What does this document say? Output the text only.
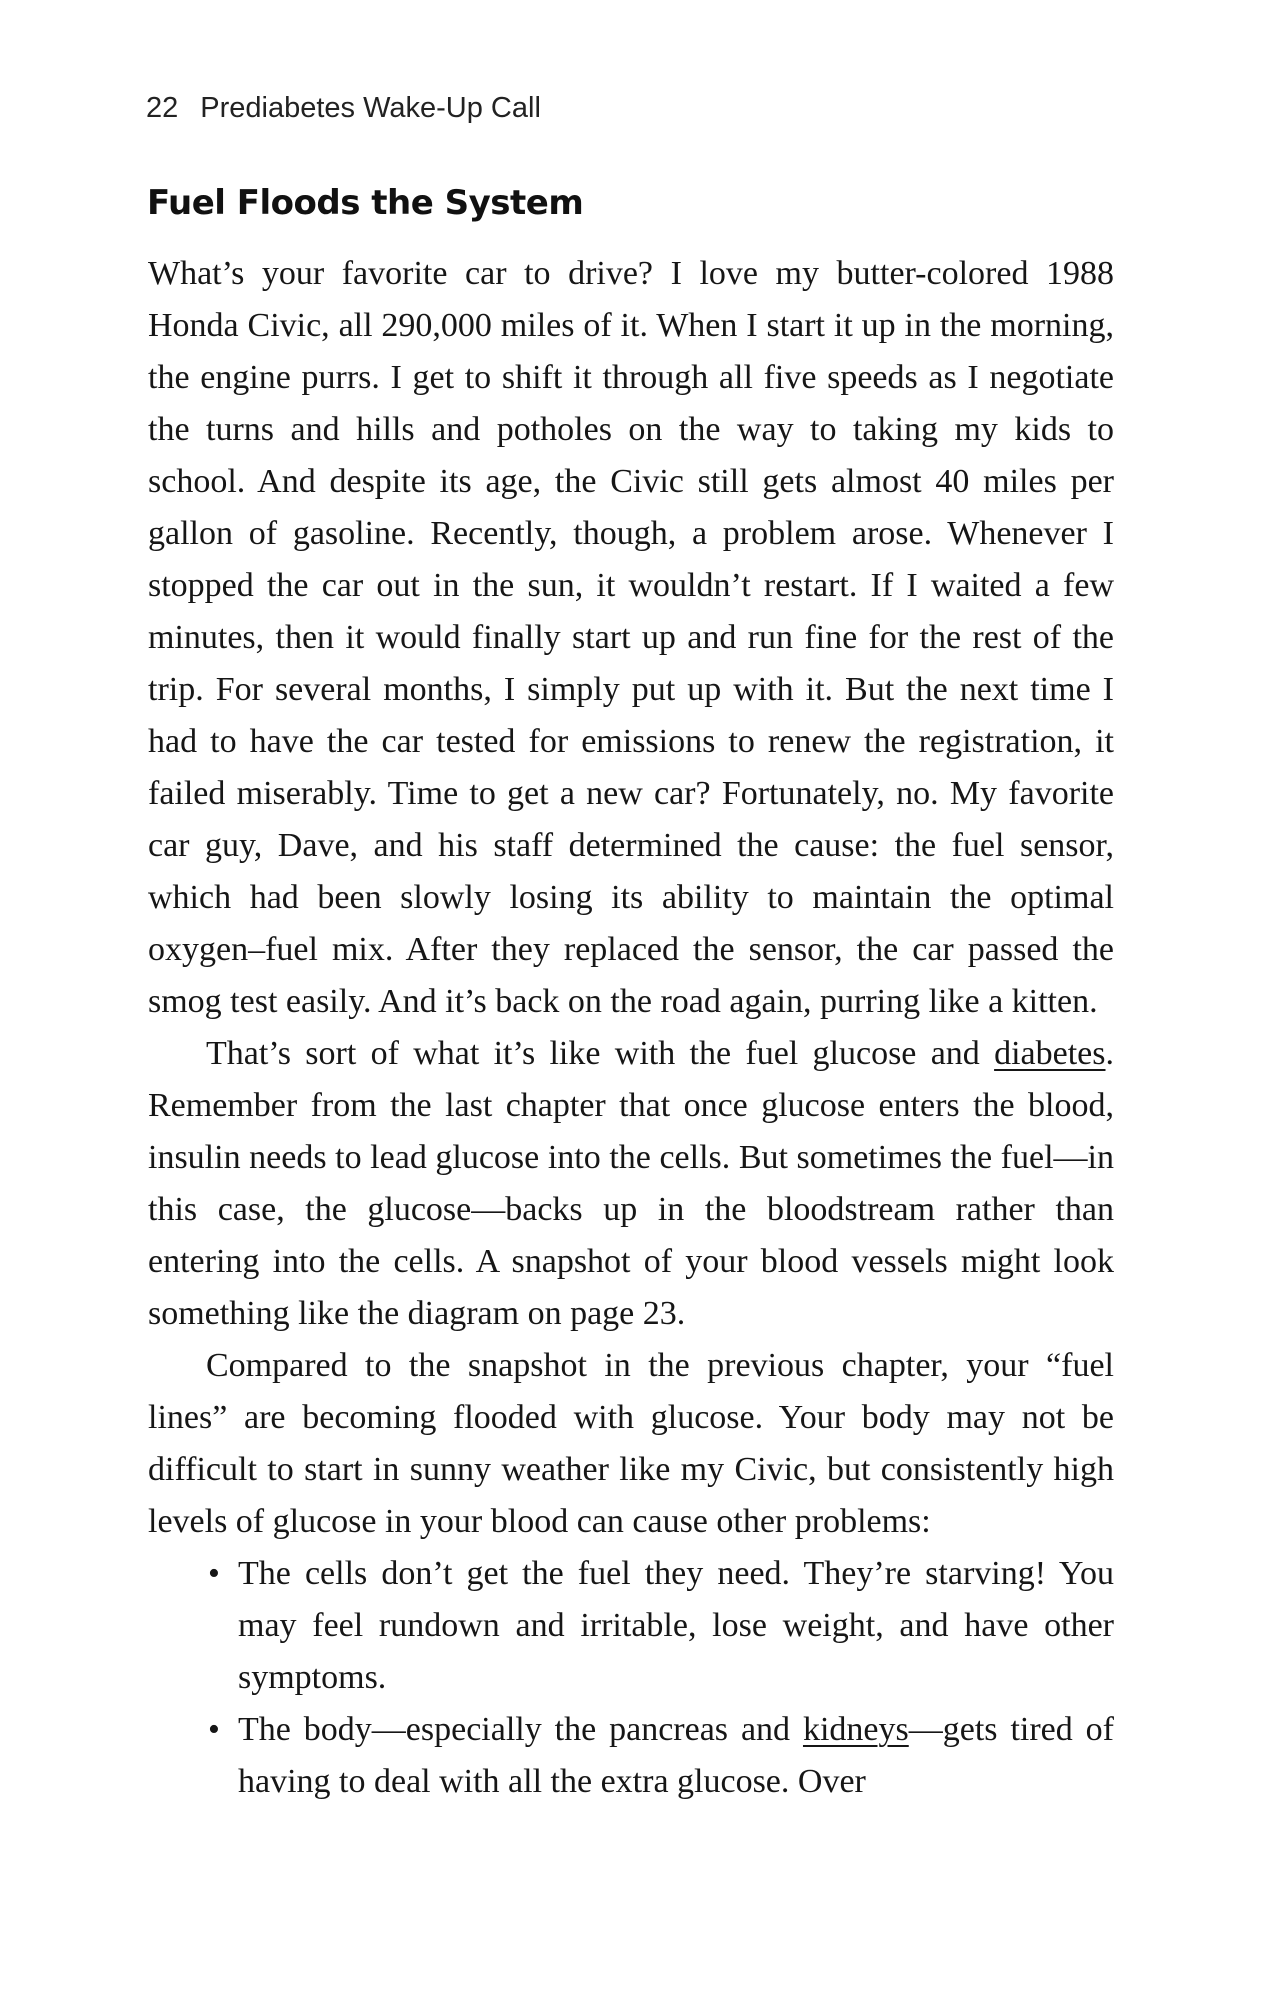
22 Prediabetes Wake-Up Call
Fuel Floods the System

What’s your favorite car to drive? I love my butter-colored 1988 Honda Civic, all 290,000 miles of it. When I start it up in the morning, the engine purrs. I get to shift it through all five speeds as I negotiate the turns and hills and potholes on the way to taking my kids to school. And despite its age, the Civic still gets almost 40 miles per gallon of gasoline. Recently, though, a problem arose. Whenever I stopped the car out in the sun, it wouldn’t restart. If I waited a few minutes, then it would finally start up and run fine for the rest of the trip. For several months, I simply put up with it. But the next time I had to have the car tested for emissions to renew the registration, it failed miserably. Time to get a new car? Fortunately, no. My favorite car guy, Dave, and his staff determined the cause: the fuel sensor, which had been slowly losing its ability to maintain the optimal oxygen–fuel mix. After they replaced the sensor, the car passed the smog test easily. And it’s back on the road again, purring like a kitten.

That’s sort of what it’s like with the fuel glucose and diabetes. Remember from the last chapter that once glucose enters the blood, insulin needs to lead glucose into the cells. But sometimes the fuel—in this case, the glucose—backs up in the bloodstream rather than entering into the cells. A snapshot of your blood vessels might look something like the diagram on page 23.

Compared to the snapshot in the previous chapter, your “fuel lines” are becoming flooded with glucose. Your body may not be difficult to start in sunny weather like my Civic, but consistently high levels of glucose in your blood can cause other problems:

• The cells don’t get the fuel they need. They’re starving! You may feel rundown and irritable, lose weight, and have other symptoms.
• The body—especially the pancreas and kidneys—gets tired of having to deal with all the extra glucose. Over
